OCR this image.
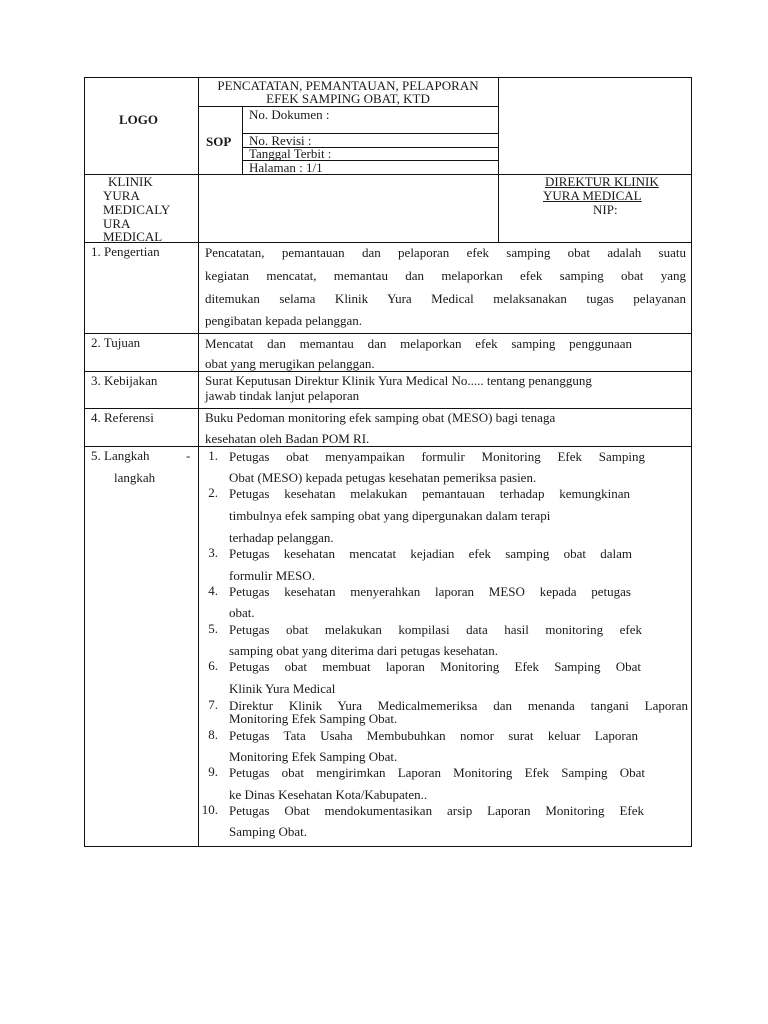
LOGO
PENCATATAN, PEMANTAUAN, PELAPORAN
EFEK SAMPING OBAT, KTD
SOP
No. Dokumen :
No. Revisi :
Tanggal Terbit :
Halaman : 1/1
KLINIK
YURA
MEDICALY
URA
MEDICAL
DIREKTUR KLINIK
YURA MEDICAL
NIP:
1. Pengertian	Pencatatan, pemantauan dan pelaporan efek samping obat adalah suatu
kegiatan mencatat, memantau dan melaporkan efek samping obat yang
ditemukan selama Klinik Yura Medical melaksanakan tugas pelayanan
pengibatan kepada pelanggan.
2. Tujuan	Mencatat dan memantau dan melaporkan efek samping penggunaan
obat yang merugikan pelanggan.
3. Kebijakan	Surat Keputusan Direktur Klinik Yura Medical No..... tentang penanggung
jawab tindak lanjut pelaporan
4. Referensi	Buku Pedoman monitoring efek samping obat (MESO) bagi tenaga
kesehatan oleh Badan POM RI.
5. Langkah	-
langkah
1. Petugas obat menyampaikan formulir Monitoring Efek Samping
Obat (MESO) kepada petugas kesehatan pemeriksa pasien.
2. Petugas kesehatan melakukan pemantauan terhadap kemungkinan
timbulnya efek samping obat yang dipergunakan dalam terapi
terhadap pelanggan.
3. Petugas kesehatan mencatat kejadian efek samping obat dalam
formulir MESO.
4. Petugas kesehatan menyerahkan laporan MESO kepada petugas
obat.
5. Petugas obat melakukan kompilasi data hasil monitoring efek
samping obat yang diterima dari petugas kesehatan.
6. Petugas obat membuat laporan Monitoring Efek Samping Obat
Klinik Yura Medical
7. Direktur Klinik Yura Medicalmemeriksa dan menanda tangani Laporan
Monitoring Efek Samping Obat.
8. Petugas Tata Usaha Membubuhkan nomor surat keluar Laporan
Monitoring Efek Samping Obat.
9. Petugas obat mengirimkan Laporan Monitoring Efek Samping Obat
ke Dinas Kesehatan Kota/Kabupaten..
10. Petugas Obat mendokumentasikan arsip Laporan Monitoring Efek
Samping Obat.
